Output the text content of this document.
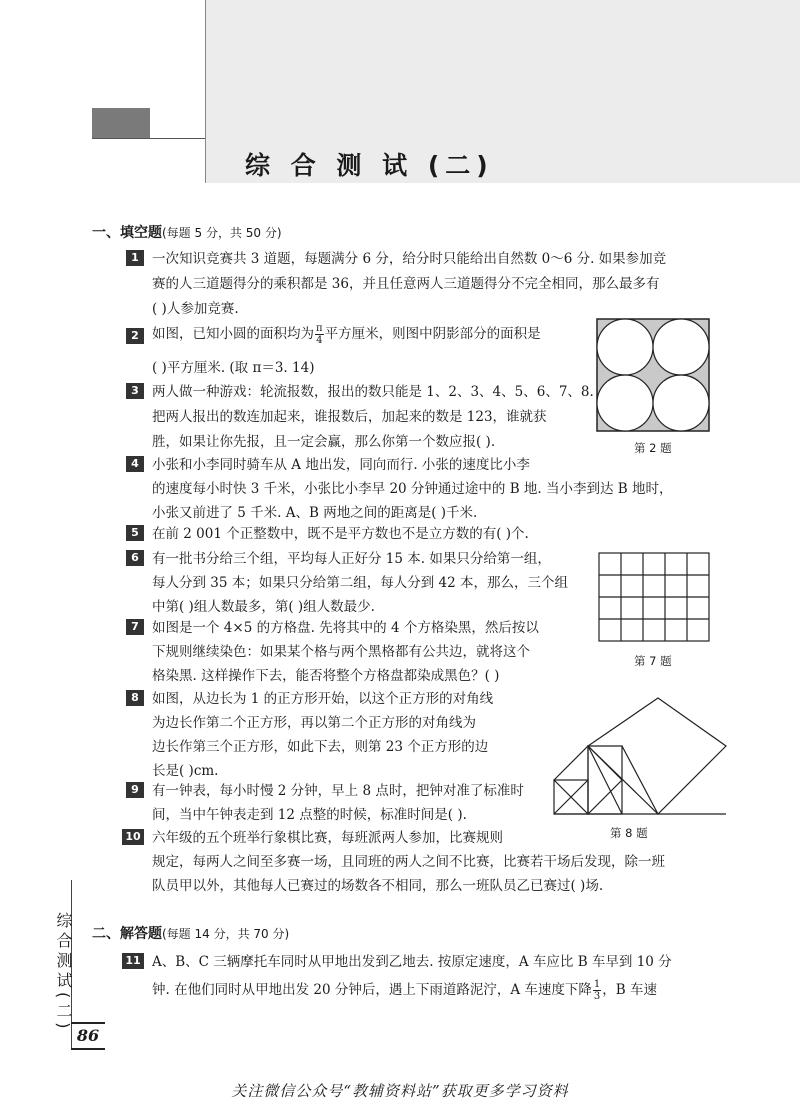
综 合 测 试 (二)
一、填空题(每题 5 分，共 50 分)
1 一次知识竞赛共 3 道题，每题满分 6 分，给分时只能给出自然数 0～6 分. 如果参加竞
赛的人三道题得分的乘积都是 36，并且任意两人三道题得分不完全相同，那么最多有
( )人参加竞赛.
2 如图，已知小圆的面积均为 $\frac{\pi}{4}$ 平方厘米，则图中阴影部分的面积是
( )平方厘米. (取 π＝3. 14)
第 2 题
3 两人做一种游戏：轮流报数，报出的数只能是 1、2、3、4、5、6、7、8.
把两人报出的数连加起来，谁报数后，加起来的数是 123，谁就获
胜，如果让你先报，且一定会赢，那么你第一个数应报( ).
4 小张和小李同时骑车从 A 地出发，同向而行. 小张的速度比小李
的速度每小时快 3 千米，小张比小李早 20 分钟通过途中的 B 地. 当小李到达 B 地时，
小张又前进了 5 千米. A、B 两地之间的距离是( )千米.
5 在前 2 001 个正整数中，既不是平方数也不是立方数的有( )个.
6 有一批书分给三个组，平均每人正好分 15 本. 如果只分给第一组，
每人分到 35 本；如果只分给第二组，每人分到 42 本，那么，三个组
中第( )组人数最多，第( )组人数最少.
第 7 题
7 如图是一个 4×5 的方格盘. 先将其中的 4 个方格染黑，然后按以
下规则继续染色：如果某个格与两个黑格都有公共边，就将这个
格染黑. 这样操作下去，能否将整个方格盘都染成黑色？( )
8 如图，从边长为 1 的正方形开始，以这个正方形的对角线
为边长作第二个正方形，再以第二个正方形的对角线为
边长作第三个正方形，如此下去，则第 23 个正方形的边
长是( )cm.
第 8 题
9 有一钟表，每小时慢 2 分钟，早上 8 点时，把钟对准了标准时
间，当中午钟表走到 12 点整的时候，标准时间是( ).
10 六年级的五个班举行象棋比赛，每班派两人参加，比赛规则
规定，每两人之间至多赛一场，且同班的两人之间不比赛，比赛若干场后发现，除一班
队员甲以外，其他每人已赛过的场数各不相同，那么一班队员乙已赛过( )场.
二、解答题(每题 14 分，共 70 分)
11 A、B、C 三辆摩托车同时从甲地出发到乙地去. 按原定速度，A 车应比 B 车早到 10 分
钟. 在他们同时从甲地出发 20 分钟后，遇上下雨道路泥泞，A 车速度下降 $\frac{1}{3}$ ，B 车速
综合测试(二)
86
关注微信公众号“教辅资料站”获取更多学习资料
